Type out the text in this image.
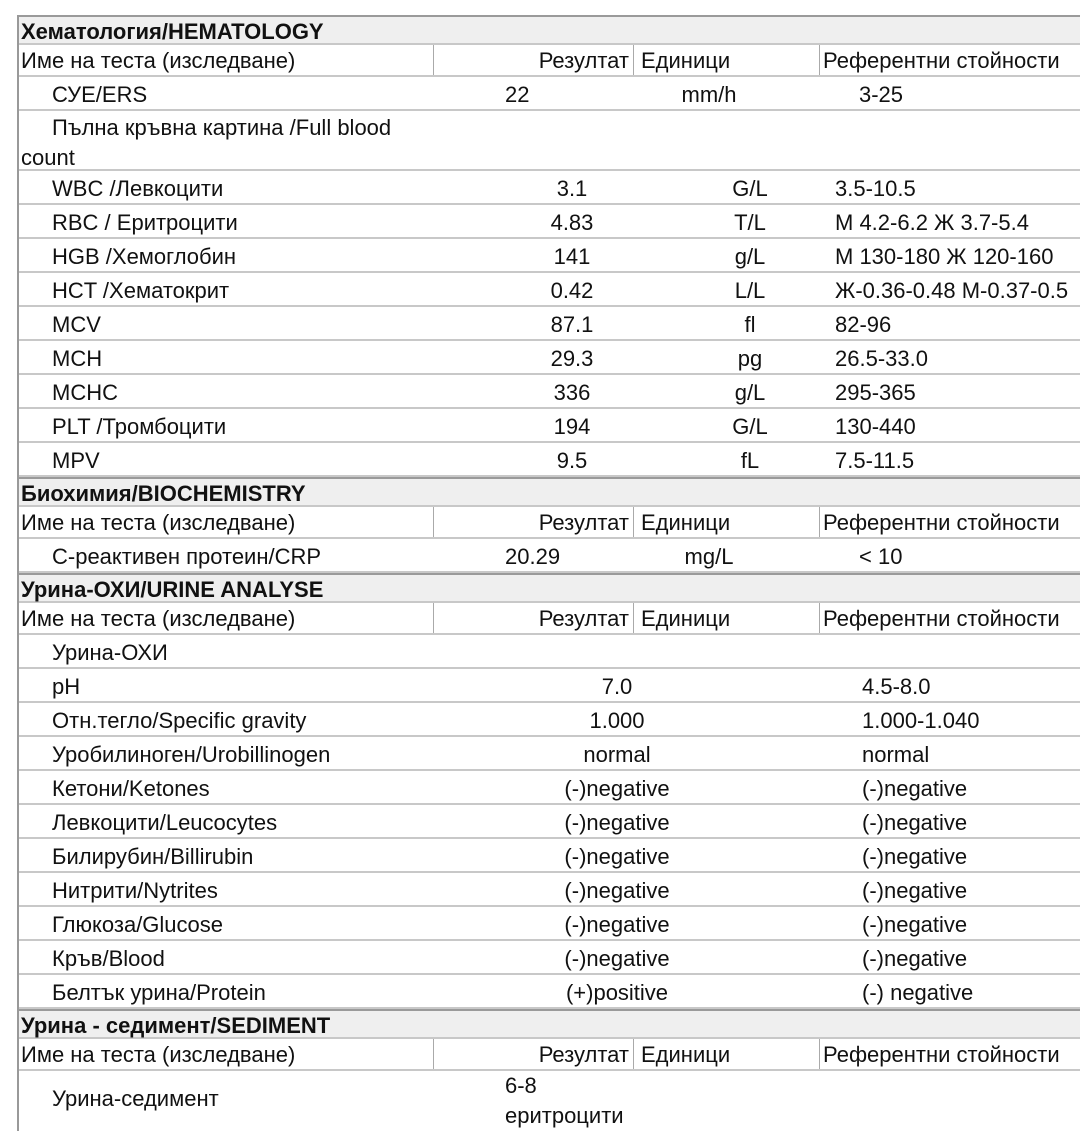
Хематология/HEMATOLOGY
Име на теста (изследване)	Резултат Единици	Референтни стойности
СУЕ/ERS	22	mm/h	3-25
Пълна кръвна картина /Full blood count
WBC /Левкоцити	3.1	G/L	3.5-10.5
RBC / Еритроцити	4.83	T/L	М 4.2-6.2 Ж 3.7-5.4
HGB /Хемоглобин	141	g/L	М 130-180 Ж 120-160
HCT /Хематокрит	0.42	L/L	Ж-0.36-0.48 М-0.37-0.5
MCV	87.1	fl	82-96
MCH	29.3	pg	26.5-33.0
MCHC	336	g/L	295-365
PLT /Тромбоцити	194	G/L	130-440
MPV	9.5	fL	7.5-11.5
Биохимия/BIOCHEMISTRY
Име на теста (изследване)	Резултат Единици	Референтни стойности
С-реактивен протеин/CRP	20.29	mg/L	< 10
Урина-ОХИ/URINE ANALYSE
Име на теста (изследване)	Резултат Единици	Референтни стойности
Урина-ОХИ
pH	7.0	4.5-8.0
Отн.тегло/Specific gravity	1.000	1.000-1.040
Уробилиноген/Urobillinogen	normal	normal
Кетони/Ketones	(-)negative	(-)negative
Левкоцити/Leucocytes	(-)negative	(-)negative
Билирубин/Billirubin	(-)negative	(-)negative
Нитрити/Nytrites	(-)negative	(-)negative
Глюкоза/Glucose	(-)negative	(-)negative
Кръв/Blood	(-)negative	(-)negative
Белтък урина/Protein	(+)positive	(-) negative
Урина - седимент/SEDIMENT
Име на теста (изследване)	Резултат Единици	Референтни стойности
Урина-седимент
6-8 еритроцити
